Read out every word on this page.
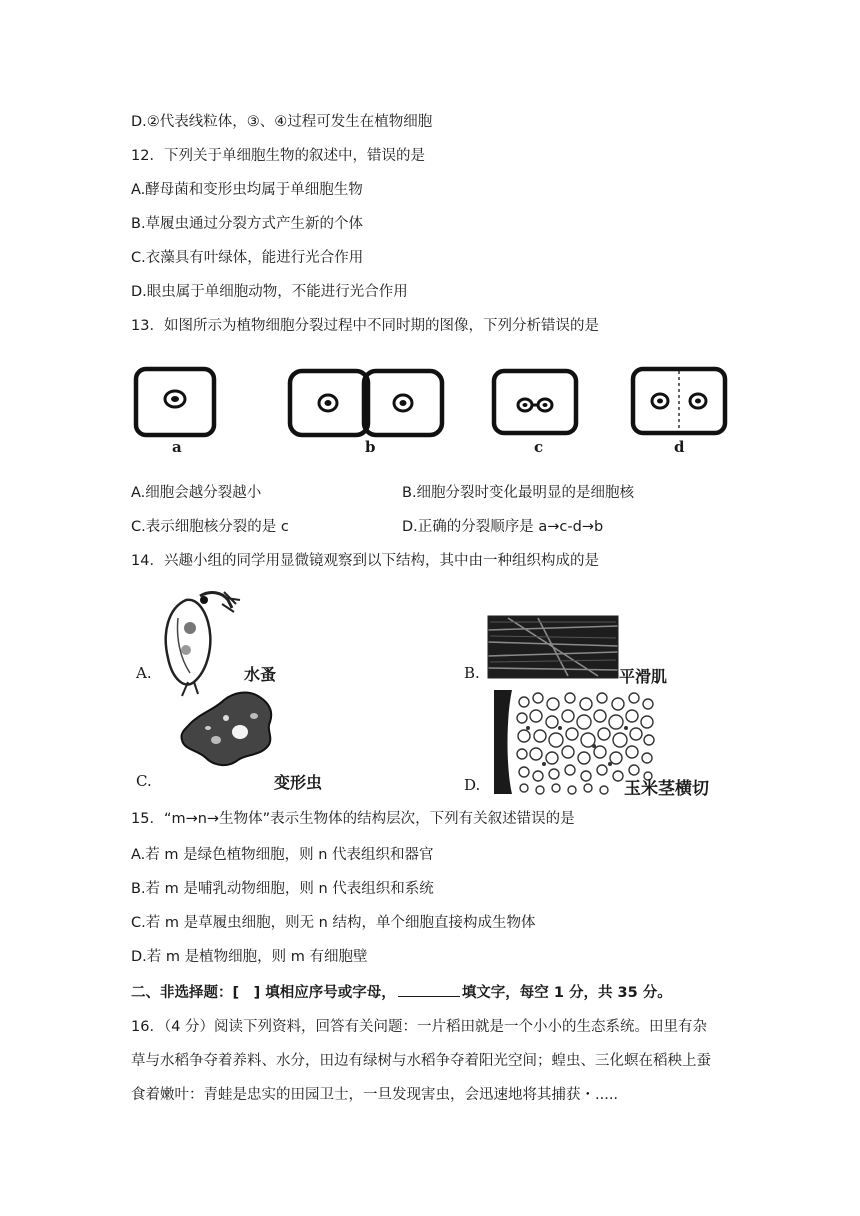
D.②代表线粒体，③、④过程可发生在植物细胞
12．下列关于单细胞生物的叙述中，错误的是
A.酵母菌和变形虫均属于单细胞生物
B.草履虫通过分裂方式产生新的个体
C.衣藻具有叶绿体，能进行光合作用
D.眼虫属于单细胞动物，不能进行光合作用
13．如图所示为植物细胞分裂过程中不同时期的图像，下列分析错误的是
a	b	c	d
A.细胞会越分裂越小	B.细胞分裂时变化最明显的是细胞核
C.表示细胞核分裂的是 c	D.正确的分裂顺序是 a→c-d→b
14．兴趣小组的同学用显微镜观察到以下结构，其中由一种组织构成的是
A.	水蚤	B.	平滑肌
C.	变形虫	D.	玉米茎横切
15．“m→n→生物体”表示生物体的结构层次，下列有关叙述错误的是
A.若 m 是绿色植物细胞，则 n 代表组织和器官
B.若 m 是哺乳动物细胞，则 n 代表组织和系统
C.若 m 是草履虫细胞，则无 n 结构，单个细胞直接构成生物体
D.若 m 是植物细胞，则 m 有细胞壁
二、非选择题：[　] 填相应序号或字母，	填文字，每空 1 分，共 35 分。
16．（4 分）阅读下列资料，回答有关问题：一片稻田就是一个小小的生态系统。田里有杂
草与水稻争夺着养料、水分，田边有绿树与水稻争夺着阳光空间；蝗虫、三化螟在稻秧上蚕
食着嫩叶：青蛙是忠实的田园卫士，一旦发现害虫，会迅速地将其捕获・.....
